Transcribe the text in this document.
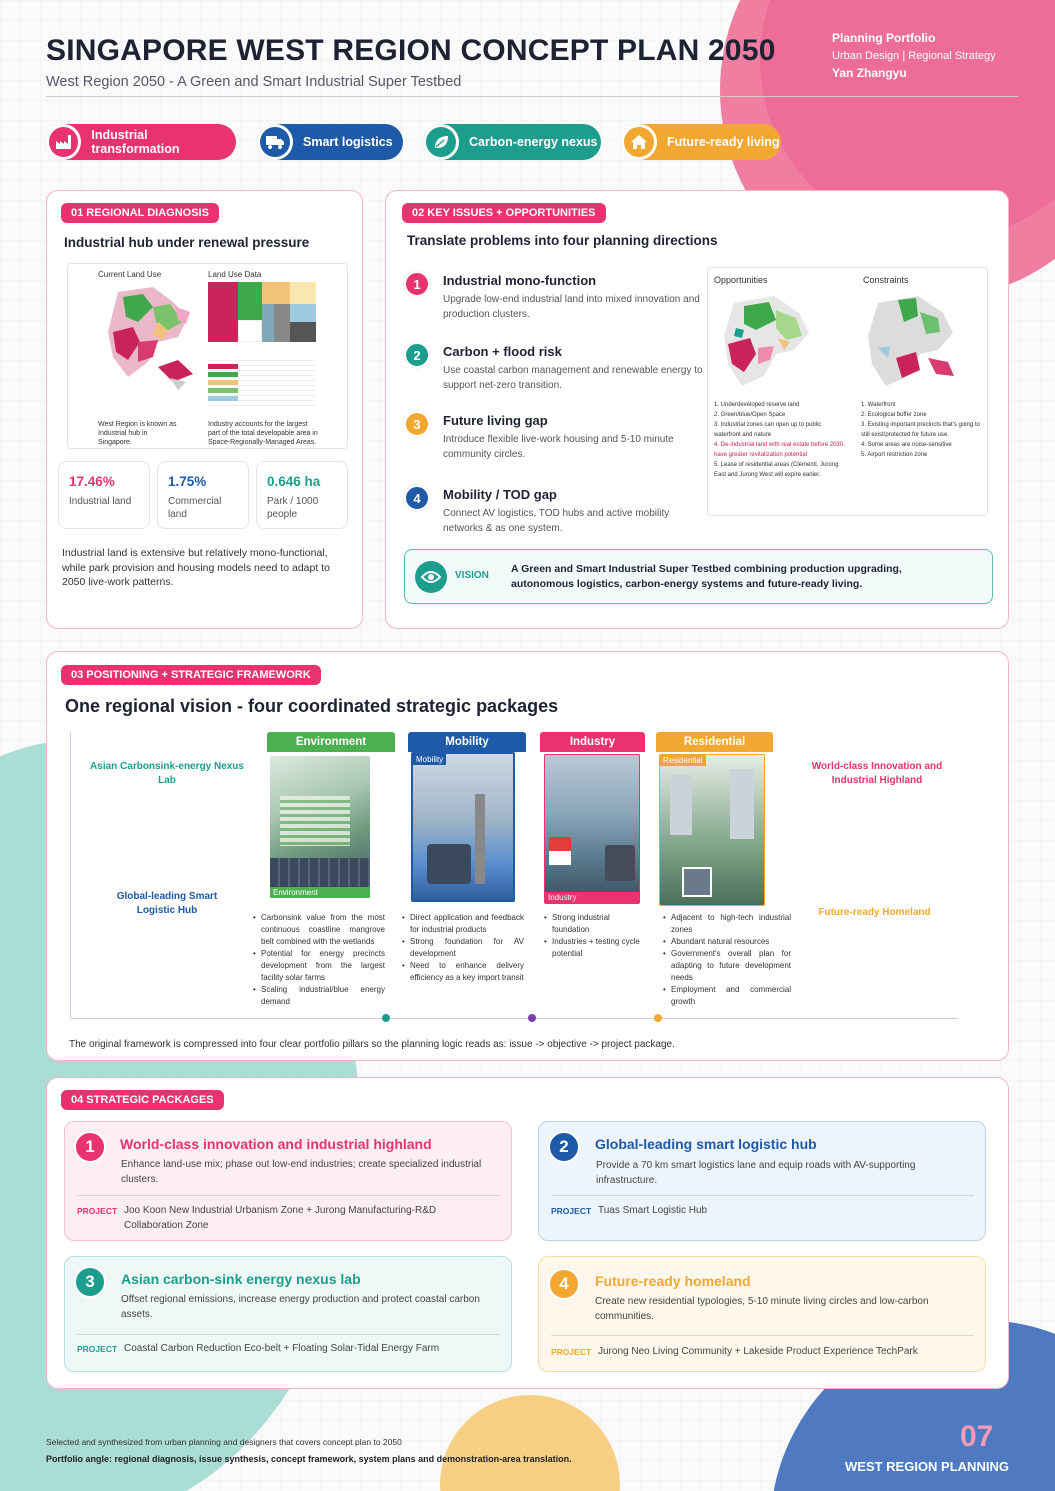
SINGAPORE WEST REGION CONCEPT PLAN 2050
West Region 2050 - A Green and Smart Industrial Super Testbed
Planning Portfolio
Urban Design | Regional Strategy
Yan Zhangyu
Industrial transformation	Smart logistics	Carbon-energy nexus	Future-ready living
01 REGIONAL DIAGNOSIS
Industrial hub under renewal pressure
Current Land Use	Land Use Data
West Region is known as Industrial hub in Singapore.
Industry accounts for the largest part of the total developable area in Space-Regionally-Managed Areas.
17.46%
Industrial land
1.75%
Commercial land
0.646 ha
Park / 1000 people
Industrial land is extensive but relatively mono-functional, while park provision and housing models need to adapt to 2050 live-work patterns.
02 KEY ISSUES + OPPORTUNITIES
Translate problems into four planning directions
1	Industrial mono-function
Upgrade low-end industrial land into mixed innovation and production clusters.
2	Carbon + flood risk
Use coastal carbon management and renewable energy to support net-zero transition.
3	Future living gap
Introduce flexible live-work housing and 5-10 minute community circles.
4	Mobility / TOD gap
Connect AV logistics, TOD hubs and active mobility networks & as one system.
Opportunities	Constraints
1. Underdeveloped reserve land
2. Green/blue/Open Space
3. Industrial zones can open up to public waterfront and nature
4. De-industrial land with real estate before 2030, have greater revitalization potential
5. Lease of residential areas (Clementi, Jurong East and Jurong West will expire earlier.
1. Waterfront
2. Ecological buffer zone
3. Existing important precincts that's going to still exist/protected for future use.
4. Some areas are noise-sensitive
5. Airport restriction zone
VISION
A Green and Smart Industrial Super Testbed combining production upgrading, autonomous logistics, carbon-energy systems and future-ready living.
03 POSITIONING + STRATEGIC FRAMEWORK
One regional vision - four coordinated strategic packages
Asian Carbonsink-energy Nexus Lab
Global-leading Smart Logistic Hub
World-class Innovation and Industrial Highland
Future-ready Homeland
Environment
Environment
• Carbonsink value from the most continuous coastline mangrove belt combined with the wetlands
• Potential for energy precincts development from the largest facility solar farms
• Scaling industrial/blue energy demand
Mobility
Mobility
• Direct application and feedback for industrial products
• Strong foundation for AV development
• Need to enhance delivery efficiency as a key import transit
Industry
Industry
• Strong industrial foundation
• Industries + testing cycle potential
Residential
Residential
• Adjacent to high-tech industrial zones
• Abundant natural resources
• Government's overall plan for adapting to future development needs
• Employment and commercial growth
The original framework is compressed into four clear portfolio pillars so the planning logic reads as: issue -> objective -> project package.
04 STRATEGIC PACKAGES
1	World-class innovation and industrial highland
Enhance land-use mix; phase out low-end industries; create specialized industrial clusters.
PROJECT Joo Koon New Industrial Urbanism Zone + Jurong Manufacturing-R&D Collaboration Zone
2	Global-leading smart logistic hub
Provide a 70 km smart logistics lane and equip roads with AV-supporting infrastructure.
PROJECT Tuas Smart Logistic Hub
3	Asian carbon-sink energy nexus lab
Offset regional emissions, increase energy production and protect coastal carbon assets.
PROJECT Coastal Carbon Reduction Eco-belt + Floating Solar-Tidal Energy Farm
4	Future-ready homeland
Create new residential typologies, 5-10 minute living circles and low-carbon communities.
PROJECT Jurong Neo Living Community + Lakeside Product Experience TechPark
Selected and synthesized from urban planning and designers that covers concept plan to 2050
Portfolio angle: regional diagnosis, issue synthesis, concept framework, system plans and demonstration-area translation.
07
WEST REGION PLANNING
